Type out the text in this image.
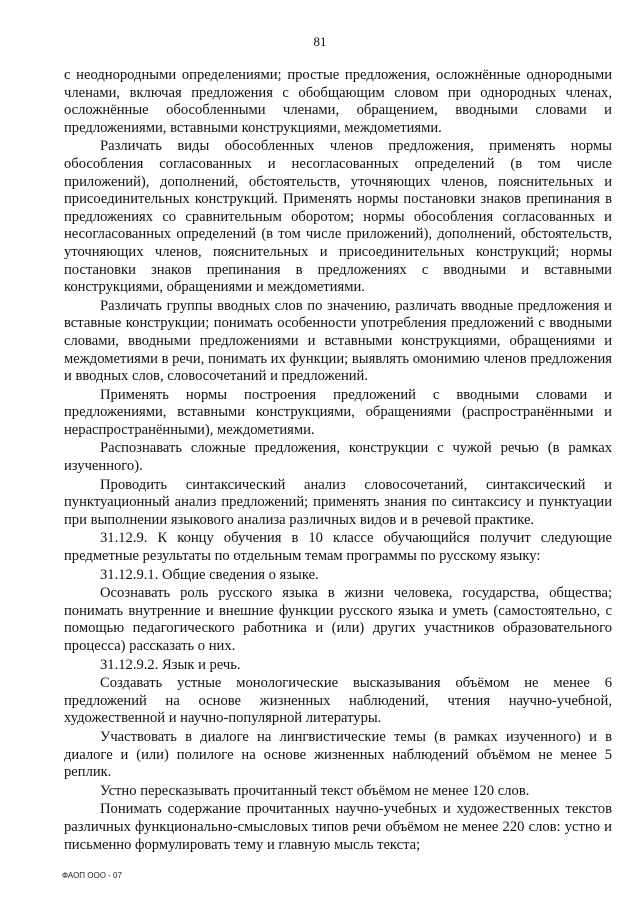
81

с неоднородными определениями; простые предложения, осложнённые однородными членами, включая предложения с обобщающим словом при однородных членах, осложнённые обособленными членами, обращением, вводными словами и предложениями, вставными конструкциями, междометиями.

Различать виды обособленных членов предложения, применять нормы обособления согласованных и несогласованных определений (в том числе приложений), дополнений, обстоятельств, уточняющих членов, пояснительных и присоединительных конструкций. Применять нормы постановки знаков препинания в предложениях со сравнительным оборотом; нормы обособления согласованных и несогласованных определений (в том числе приложений), дополнений, обстоятельств, уточняющих членов, пояснительных и присоединительных конструкций; нормы постановки знаков препинания в предложениях с вводными и вставными конструкциями, обращениями и междометиями.

Различать группы вводных слов по значению, различать вводные предложения и вставные конструкции; понимать особенности употребления предложений с вводными словами, вводными предложениями и вставными конструкциями, обращениями и междометиями в речи, понимать их функции; выявлять омонимию членов предложения и вводных слов, словосочетаний и предложений.

Применять нормы построения предложений с вводными словами и предложениями, вставными конструкциями, обращениями (распространёнными и нераспространёнными), междометиями.

Распознавать сложные предложения, конструкции с чужой речью (в рамках изученного).

Проводить синтаксический анализ словосочетаний, синтаксический и пунктуационный анализ предложений; применять знания по синтаксису и пунктуации при выполнении языкового анализа различных видов и в речевой практике.

31.12.9. К концу обучения в 10 классе обучающийся получит следующие предметные результаты по отдельным темам программы по русскому языку:

31.12.9.1. Общие сведения о языке.

Осознавать роль русского языка в жизни человека, государства, общества; понимать внутренние и внешние функции русского языка и уметь (самостоятельно, с помощью педагогического работника и (или) других участников образовательного процесса) рассказать о них.

31.12.9.2. Язык и речь.

Создавать устные монологические высказывания объёмом не менее 6 предложений на основе жизненных наблюдений, чтения научно-учебной, художественной и научно-популярной литературы.

Участвовать в диалоге на лингвистические темы (в рамках изученного) и в диалоге и (или) полилоге на основе жизненных наблюдений объёмом не менее 5 реплик.

Устно пересказывать прочитанный текст объёмом не менее 120 слов.

Понимать содержание прочитанных научно-учебных и художественных текстов различных функционально-смысловых типов речи объёмом не менее 220 слов: устно и письменно формулировать тему и главную мысль текста;

ФАОП ООО - 07
